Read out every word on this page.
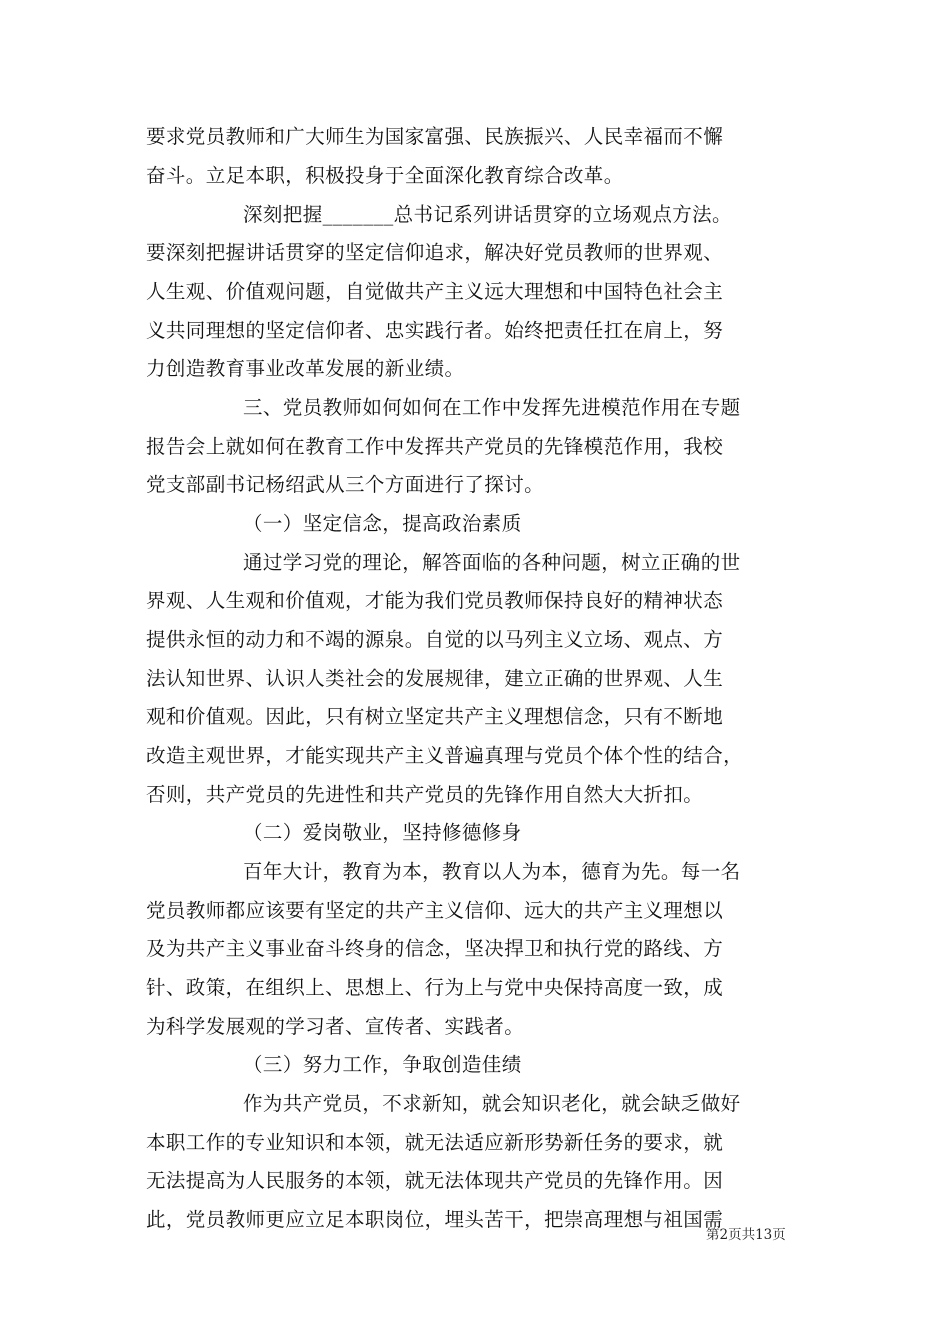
要求党员教师和广大师生为国家富强、民族振兴、人民幸福而不懈
奋斗。立足本职，积极投身于全面深化教育综合改革。
深刻把握_______总书记系列讲话贯穿的立场观点方法。
要深刻把握讲话贯穿的坚定信仰追求，解决好党员教师的世界观、
人生观、价值观问题，自觉做共产主义远大理想和中国特色社会主
义共同理想的坚定信仰者、忠实践行者。始终把责任扛在肩上，努
力创造教育事业改革发展的新业绩。
三、党员教师如何如何在工作中发挥先进模范作用在专题
报告会上就如何在教育工作中发挥共产党员的先锋模范作用，我校
党支部副书记杨绍武从三个方面进行了探讨。
（一）坚定信念，提高政治素质
通过学习党的理论，解答面临的各种问题，树立正确的世
界观、人生观和价值观，才能为我们党员教师保持良好的精神状态
提供永恒的动力和不竭的源泉。自觉的以马列主义立场、观点、方
法认知世界、认识人类社会的发展规律，建立正确的世界观、人生
观和价值观。因此，只有树立坚定共产主义理想信念，只有不断地
改造主观世界，才能实现共产主义普遍真理与党员个体个性的结合，
否则，共产党员的先进性和共产党员的先锋作用自然大大折扣。
（二）爱岗敬业，坚持修德修身
百年大计，教育为本，教育以人为本，德育为先。每一名
党员教师都应该要有坚定的共产主义信仰、远大的共产主义理想以
及为共产主义事业奋斗终身的信念，坚决捍卫和执行党的路线、方
针、政策，在组织上、思想上、行为上与党中央保持高度一致，成
为科学发展观的学习者、宣传者、实践者。
（三）努力工作，争取创造佳绩
作为共产党员，不求新知，就会知识老化，就会缺乏做好
本职工作的专业知识和本领，就无法适应新形势新任务的要求，就
无法提高为人民服务的本领，就无法体现共产党员的先锋作用。因
此，党员教师更应立足本职岗位，埋头苦干，把崇高理想与祖国需
第2页共13页
